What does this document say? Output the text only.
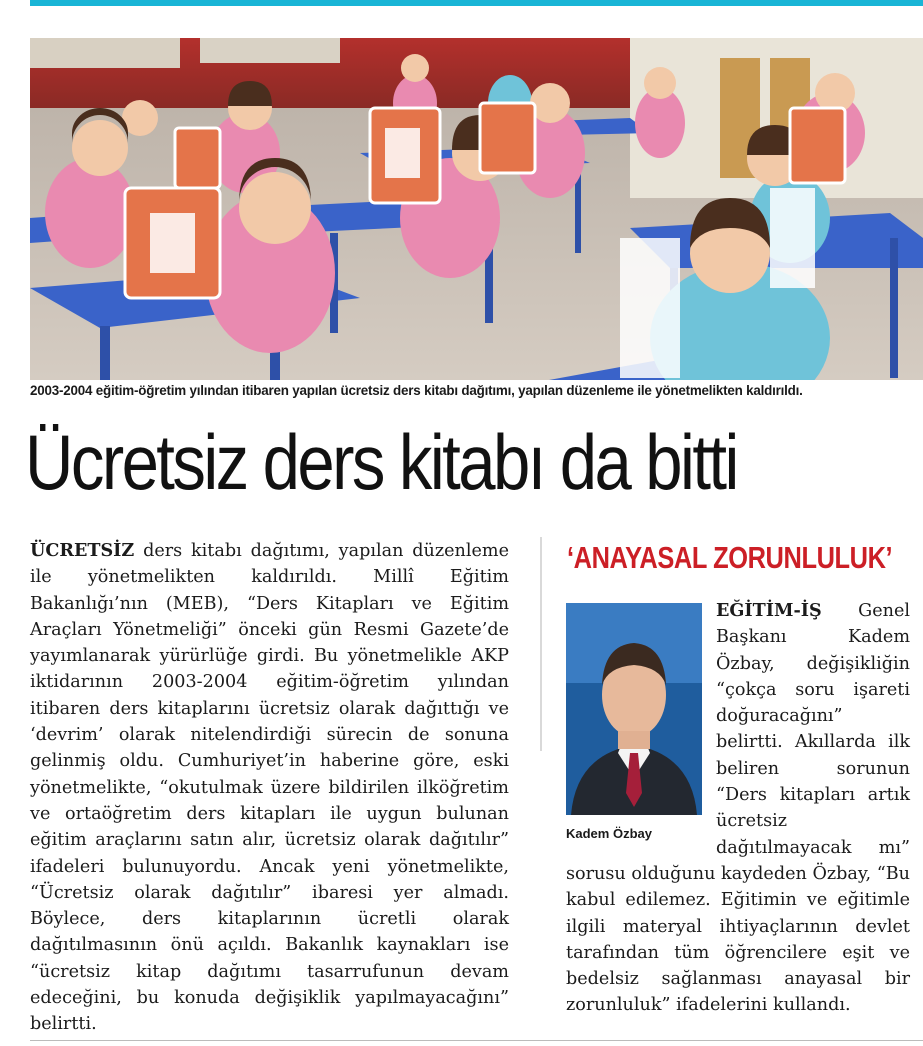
2003-2004 eğitim-öğretim yılından itibaren yapılan ücretsiz ders kitabı dağıtımı, yapılan düzenleme ile yönetmelikten kaldırıldı.
Ücretsiz ders kitabı da bitti

ÜCRETSİZ ders kitabı dağıtımı, yapılan düzenleme ile yönetmelikten kaldırıldı. Millî Eğitim Bakanlığı’nın (MEB), “Ders Kitapları ve Eğitim Araçları Yönetmeliği” önceki gün Resmi Gazete’de yayımlanarak yürürlüğe girdi. Bu yönetmelikle AKP iktidarının 2003-2004 eğitim-öğretim yılından itibaren ders kitaplarını ücretsiz olarak dağıttığı ve ‘devrim’ olarak nitelendirdiği sürecin de sonuna gelinmiş oldu. Cumhuriyet’in haberine göre, eski yönetmelikte, “okutulmak üzere bildirilen ilköğretim ve ortaöğretim ders kitapları ile uygun bulunan eğitim araçlarını satın alır, ücretsiz olarak dağıtılır” ifadeleri bulunuyordu. Ancak yeni yönetmelikte, “Ücretsiz olarak dağıtılır” ibaresi yer almadı. Böylece, ders kitaplarının ücretli olarak dağıtılmasının önü açıldı. Bakanlık kaynakları ise “ücretsiz kitap dağıtımı tasarrufunun devam edeceğini, bu konuda değişiklik yapılmayacağını” belirtti.

‘ANAYASAL ZORUNLULUK’

EĞİTİM-İŞ Genel Başkanı Kadem Özbay, değişikliğin “çokça soru işareti doğuracağını” belirtti. Akıllarda ilk beliren sorunun “Ders kitapları artık ücretsiz dağıtılmayacak mı” sorusu olduğunu kaydeden Özbay, “Bu kabul edilemez. Eğitimin ve eğitimle ilgili materyal ihtiyaçlarının devlet tarafından tüm öğrencilere eşit ve bedelsiz sağlanması anayasal bir zorunluluk” ifadelerini kullandı.

Kadem Özbay
